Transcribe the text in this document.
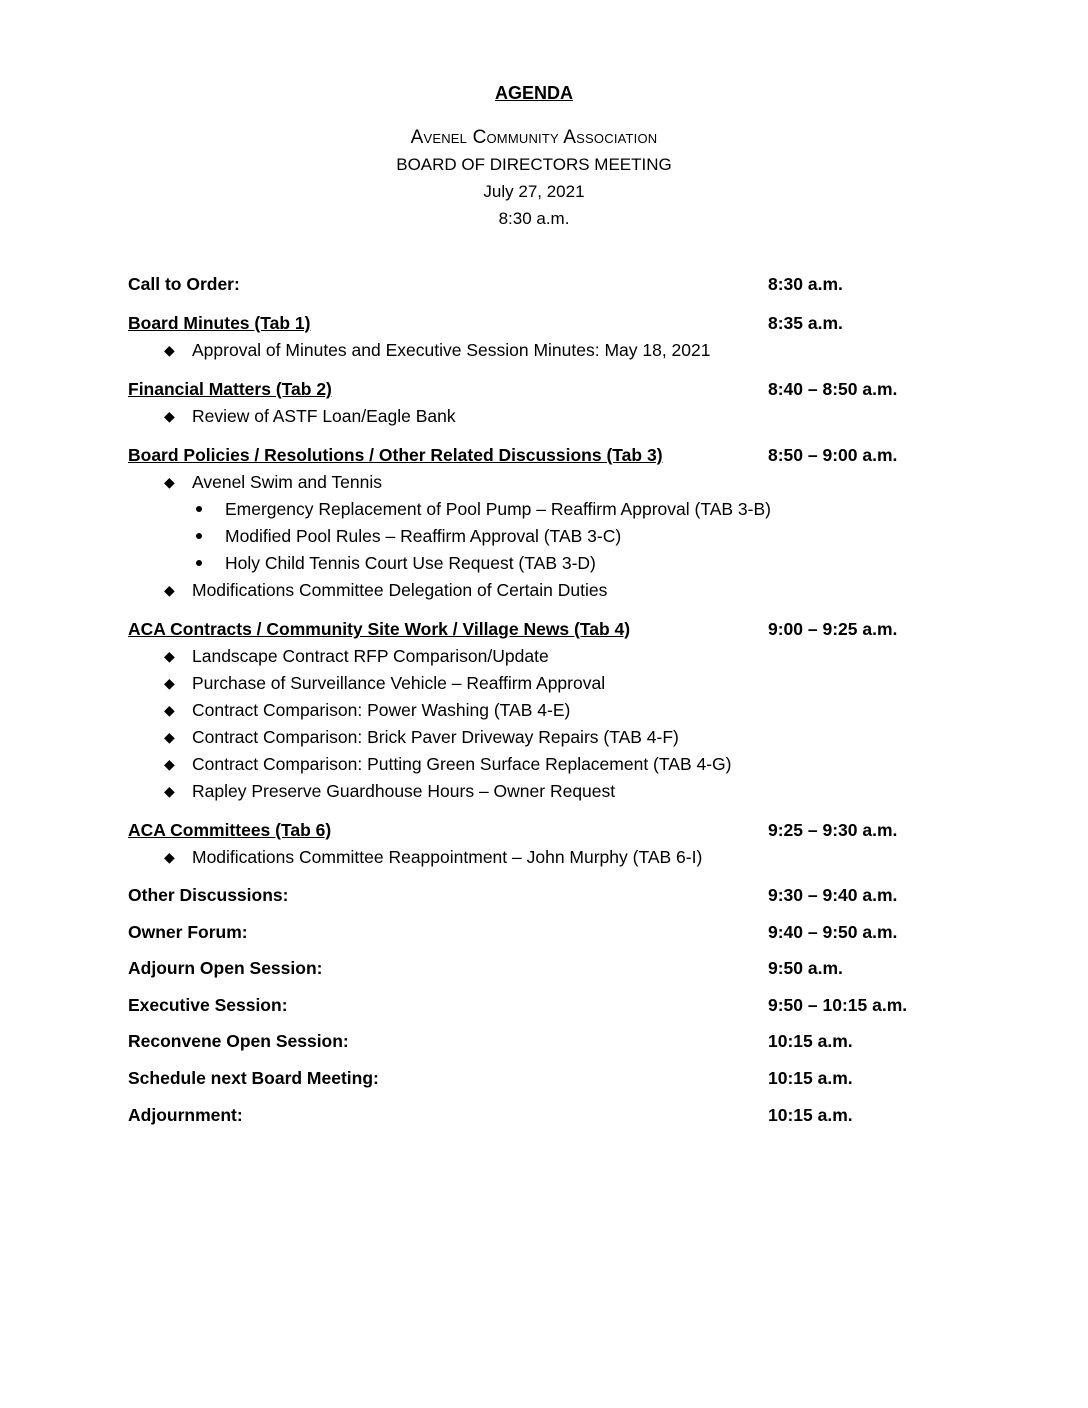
AGENDA
Avenel Community Association
BOARD OF DIRECTORS MEETING
July 27, 2021
8:30 a.m.
Call to Order:	8:30 a.m.
Board Minutes (Tab 1)	8:35 a.m.
◆ Approval of Minutes and Executive Session Minutes: May 18, 2021
Financial Matters (Tab 2)	8:40 – 8:50 a.m.
◆ Review of ASTF Loan/Eagle Bank
Board Policies / Resolutions / Other Related Discussions (Tab 3)	8:50 – 9:00 a.m.
◆ Avenel Swim and Tennis
Emergency Replacement of Pool Pump – Reaffirm Approval (TAB 3-B)
Modified Pool Rules – Reaffirm Approval (TAB 3-C)
Holy Child Tennis Court Use Request (TAB 3-D)
◆ Modifications Committee Delegation of Certain Duties
ACA Contracts / Community Site Work / Village News (Tab 4)	9:00 – 9:25 a.m.
◆ Landscape Contract RFP Comparison/Update
◆ Purchase of Surveillance Vehicle – Reaffirm Approval
◆ Contract Comparison: Power Washing (TAB 4-E)
◆ Contract Comparison: Brick Paver Driveway Repairs (TAB 4-F)
◆ Contract Comparison: Putting Green Surface Replacement (TAB 4-G)
◆ Rapley Preserve Guardhouse Hours – Owner Request
ACA Committees (Tab 6)	9:25 – 9:30 a.m.
◆ Modifications Committee Reappointment – John Murphy (TAB 6-I)
Other Discussions:	9:30 – 9:40 a.m.
Owner Forum:	9:40 – 9:50 a.m.
Adjourn Open Session:	9:50 a.m.
Executive Session:	9:50 – 10:15 a.m.
Reconvene Open Session:	10:15 a.m.
Schedule next Board Meeting:	10:15 a.m.
Adjournment:	10:15 a.m.
